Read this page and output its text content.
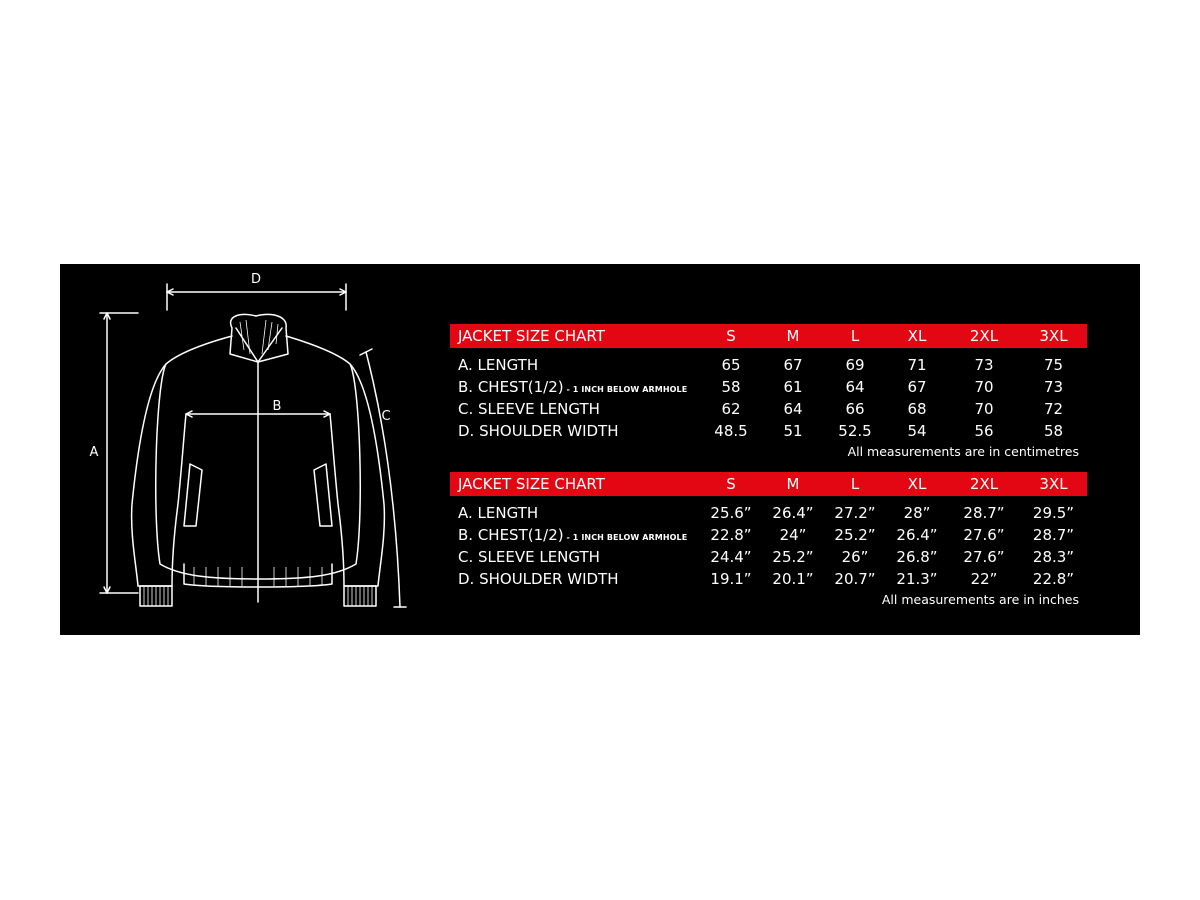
D
A
B
C
JACKET SIZE CHART	S	M	L	XL	2XL	3XL

A. LENGTH	65	67	69	71	73	75
B. CHEST(1/2) - 1 INCH BELOW ARMHOLE	58	61	64	67	70	73
C. SLEEVE LENGTH	62	64	66	68	70	72
D. SHOULDER WIDTH	48.5	51	52.5	54	56	58
All measurements are in centimetres
JACKET SIZE CHART	S	M	L	XL	2XL	3XL

A. LENGTH	25.6”	26.4”	27.2”	28”	28.7”	29.5”
B. CHEST(1/2) - 1 INCH BELOW ARMHOLE	22.8”	24”	25.2”	26.4”	27.6”	28.7”
C. SLEEVE LENGTH	24.4”	25.2”	26”	26.8”	27.6”	28.3”
D. SHOULDER WIDTH	19.1”	20.1”	20.7”	21.3”	22”	22.8”
All measurements are in inches
